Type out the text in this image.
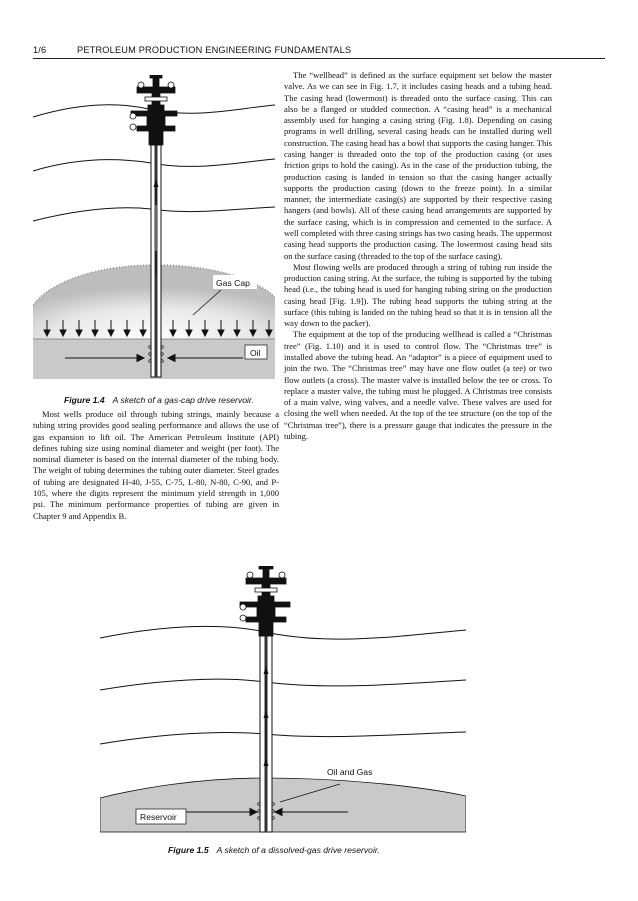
1/6	PETROLEUM PRODUCTION ENGINEERING FUNDAMENTALS
Gas Cap
Oil
Figure 1.4 A sketch of a gas-cap drive reservoir.

Most wells produce oil through tubing strings, mainly because a tubing string provides good sealing performance and allows the use of gas expansion to lift oil. The American Petroleum Institute (API) defines tubing size using nominal diameter and weight (per foot). The nominal diameter is based on the internal diameter of the tubing body. The weight of tubing determines the tubing outer diameter. Steel grades of tubing are designated H-40, J-55, C-75, L-80, N-80, C-90, and P-105, where the digits represent the minimum yield strength in 1,000 psi. The minimum performance properties of tubing are given in Chapter 9 and Appendix B.

The “wellhead” is defined as the surface equipment set below the master valve. As we can see in Fig. 1.7, it includes casing heads and a tubing head. The casing head (lowermost) is threaded onto the surface casing. This can also be a flanged or studded connection. A “casing head” is a mechanical assembly used for hanging a casing string (Fig. 1.8). Depending on casing programs in well drilling, several casing heads can be installed during well construction. The casing head has a bowl that supports the casing hanger. This casing hanger is threaded onto the top of the production casing (or uses friction grips to hold the casing). As in the case of the production tubing, the production casing is landed in tension so that the casing hanger actually supports the production casing (down to the freeze point). In a similar manner, the intermediate casing(s) are supported by their respective casing hangers (and bowls). All of these casing head arrangements are supported by the surface casing, which is in compression and cemented to the surface. A well completed with three casing strings has two casing heads. The uppermost casing head supports the production casing. The lowermost casing head sits on the surface casing (threaded to the top of the surface casing).

Most flowing wells are produced through a string of tubing run inside the production casing string. At the surface, the tubing is supported by the tubing head (i.e., the tubing head is used for hanging tubing string on the production casing head [Fig. 1.9]). The tubing head supports the tubing string at the surface (this tubing is landed on the tubing head so that it is in tension all the way down to the packer).

The equipment at the top of the producing wellhead is called a “Christmas tree” (Fig. 1.10) and it is used to control flow. The “Christmas tree” is installed above the tubing head. An “adaptor” is a piece of equipment used to join the two. The “Christmas tree” may have one flow outlet (a tee) or two flow outlets (a cross). The master valve is installed below the tee or cross. To replace a master valve, the tubing must be plugged. A Christmas tree consists of a main valve, wing valves, and a needle valve. These valves are used for closing the well when needed. At the top of the tee structure (on the top of the “Christmas tree”), there is a pressure gauge that indicates the pressure in the tubing.

Oil and Gas
Reservoir
Figure 1.5 A sketch of a dissolved-gas drive reservoir.
